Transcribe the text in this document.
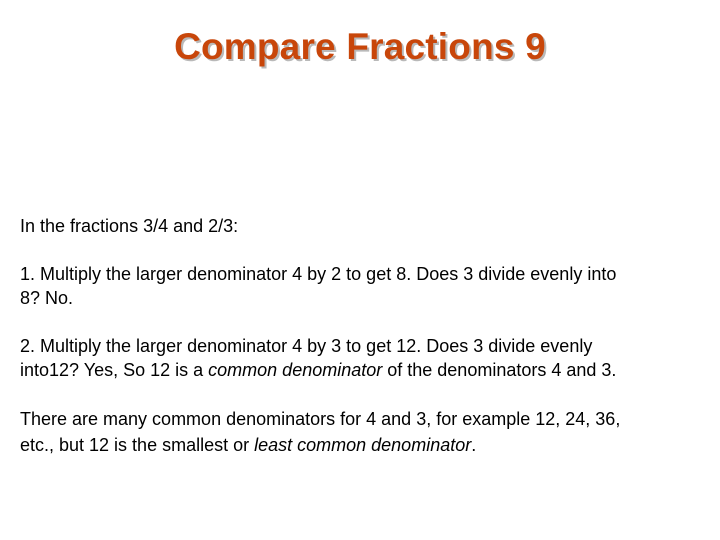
Compare Fractions 9

In the fractions 3/4 and 2/3:

1. Multiply the larger denominator 4 by 2 to get 8. Does 3 divide evenly into
8? No.

2. Multiply the larger denominator 4 by 3 to get 12. Does 3 divide evenly
into12? Yes, So 12 is a common denominator of the denominators 4 and 3.

There are many common denominators for 4 and 3, for example 12, 24, 36,
etc., but 12 is the smallest or least common denominator.
